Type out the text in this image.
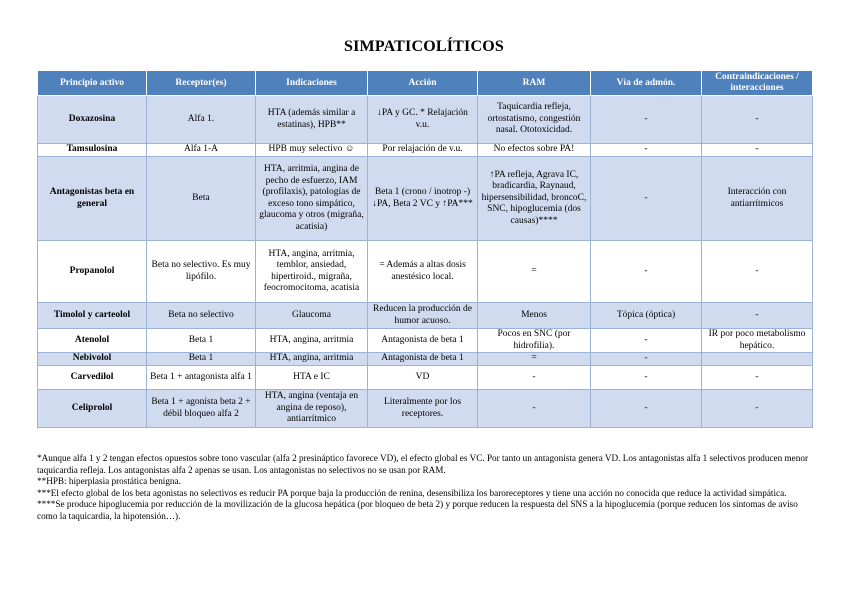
SIMPATICOLÍTICOS
Principio activo	Receptor(es)	Indicaciones	Acción	RAM	Vía de admón.	Contraindicaciones / interacciones
Doxazosina	Alfa 1.	HTA (además similar a estatinas), HPB**	↓PA y GC. * Relajación v.u.	Taquicardia refleja, ortostatismo, congestión nasal. Ototoxicidad.	-	-
Tamsulosina	Alfa 1-A	HPB muy selectivo ☺	Por relajación de v.u.	No efectos sobre PA!	-	-
Antagonistas beta en general	Beta	HTA, arritmia, angina de pecho de esfuerzo, IAM (profilaxis), patologías de exceso tono simpático, glaucoma y otros (migraña, acatisia)	Beta 1 (crono / inotrop -) ↓PA, Beta 2 VC y ↑PA***	↑PA refleja, Agrava IC, bradicardia, Raynaud, hipersensibilidad, broncoC, SNC, hipoglucemia (dos causas)****	-	Interacción con antiarrítmicos
Propanolol	Beta no selectivo. Es muy lipófilo.	HTA, angina, arritmia, temblor, ansiedad, hipertiroid., migraña, feocromocitoma, acatisia	= Además a altas dosis anestésico local.	=	-	-
Timolol y carteolol	Beta no selectivo	Glaucoma	Reducen la producción de humor acuoso.	Menos	Tópica (óptica)	-
Atenolol	Beta 1	HTA, angina, arritmia	Antagonista de beta 1	Pocos en SNC (por hidrofilia).	-	IR por poco metabolismo hepático.
Nebivolol	Beta 1	HTA, angina, arritmia	Antagonista de beta 1	=	-	
Carvedilol	Beta 1 + antagonista alfa 1	HTA e IC	VD	-	-	-
Celiprolol	Beta 1 + agonista beta 2 + débil bloqueo alfa 2	HTA, angina (ventaja en angina de reposo), antiarrítmico	Literalmente por los receptores.	-	-	-

*Aunque alfa 1 y 2 tengan efectos opuestos sobre tono vascular (alfa 2 presináptico favorece VD), el efecto global es VC. Por tanto un antagonista genera VD. Los antagonistas alfa 1 selectivos producen menor taquicardia refleja. Los antagonistas alfa 2 apenas se usan. Los antagonistas no selectivos no se usan por RAM.

**HPB: hiperplasia prostática benigna.

***El efecto global de los beta agonistas no selectivos es reducir PA porque baja la producción de renina, desensibiliza los baroreceptores y tiene una acción no conocida que reduce la actividad simpática.

****Se produce hipoglucemia por reducción de la movilización de la glucosa hepática (por bloqueo de beta 2) y porque reducen la respuesta del SNS a la hipoglucemia (porque reducen los síntomas de aviso como la taquicardia, la hipotensión…).
